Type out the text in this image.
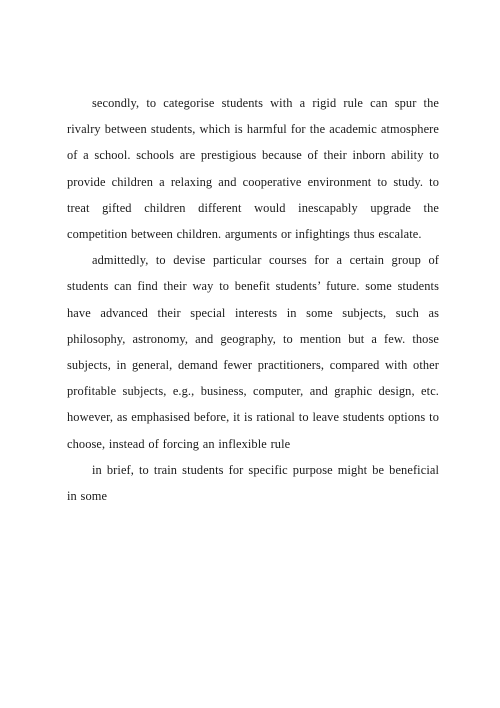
secondly, to categorise students with a rigid rule can spur the rivalry between students, which is harmful for the academic atmosphere of a school. schools are prestigious because of their inborn ability to provide children a relaxing and cooperative environment to study. to treat gifted children different would inescapably upgrade the competition between children. arguments or infightings thus escalate.

admittedly, to devise particular courses for a certain group of students can find their way to benefit students’ future. some students have advanced their special interests in some subjects, such as philosophy, astronomy, and geography, to mention but a few. those subjects, in general, demand fewer practitioners, compared with other profitable subjects, e.g., business, computer, and graphic design, etc. however, as emphasised before, it is rational to leave students options to choose, instead of forcing an inflexible rule

in brief, to train students for specific purpose might be beneficial in some
